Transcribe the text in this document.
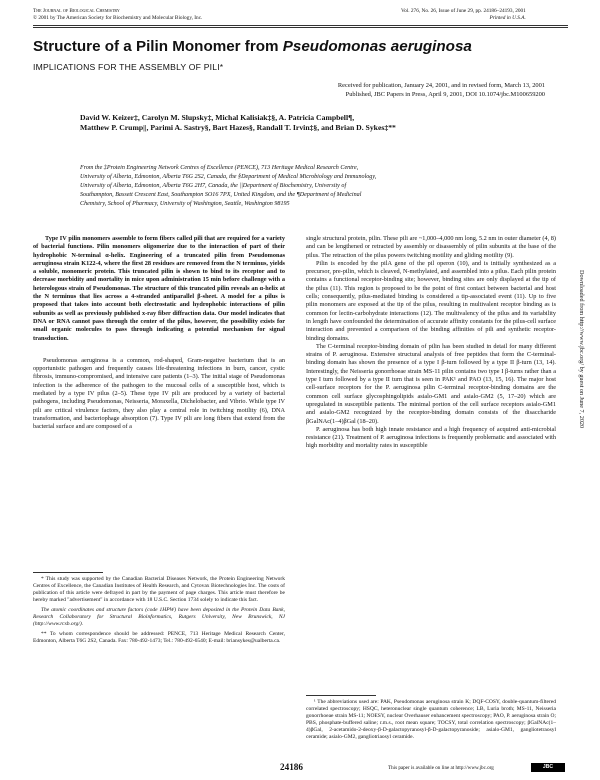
The Journal of Biological Chemistry
© 2001 by The American Society for Biochemistry and Molecular Biology, Inc.
Vol. 276, No. 26, Issue of June 29, pp. 24186–24193, 2001
Printed in U.S.A.
Structure of a Pilin Monomer from Pseudomonas aeruginosa
IMPLICATIONS FOR THE ASSEMBLY OF PILI*
Received for publication, January 24, 2001, and in revised form, March 13, 2001
Published, JBC Papers in Press, April 9, 2001, DOI 10.1074/jbc.M100659200
David W. Keizer‡, Carolyn M. Slupsky‡, Michal Kalisiak‡§, A. Patricia Campbell¶,
Matthew P. Crump||, Parimi A. Sastry§, Bart Hazes§, Randall T. Irvin‡§, and Brian D. Sykes‡**
From the ‡Protein Engineering Network Centres of Excellence (PENCE), 713 Heritage Medical Research Centre,
University of Alberta, Edmonton, Alberta T6G 2S2, Canada, the §Department of Medical Microbiology and Immunology,
University of Alberta, Edmonton, Alberta T6G 2H7, Canada, the ||Department of Biochemistry, University of
Southampton, Bassett Crescent East, Southampton SO16 7PX, United Kingdom, and the ¶Department of Medicinal
Chemistry, School of Pharmacy, University of Washington, Seattle, Washington 98195

Type IV pilin monomers assemble to form fibers called pili that are required for a variety of bacterial functions. Pilin monomers oligomerize due to the interaction of part of their hydrophobic N-terminal α-helix. Engineering of a truncated pilin from Pseudomonas aeruginosa strain K122-4, where the first 28 residues are removed from the N terminus, yields a soluble, monomeric protein. This truncated pilin is shown to bind to its receptor and to decrease morbidity and mortality in mice upon administration 15 min before challenge with a heterologous strain of Pseudomonas. The structure of this truncated pilin reveals an α-helix at the N terminus that lies across a 4-stranded antiparallel β-sheet. A model for a pilus is proposed that takes into account both electrostatic and hydrophobic interactions of pilin subunits as well as previously published x-ray fiber diffraction data. Our model indicates that DNA or RNA cannot pass through the center of the pilus, however, the possibility exists for small organic molecules to pass through indicating a potential mechanism for signal transduction.

Pseudomonas aeruginosa is a common, rod-shaped, Gram-negative bacterium that is an opportunistic pathogen and frequently causes life-threatening infections in burn, cancer, cystic fibrosis, immuno-compromised, and intensive care patients (1–3). The initial stage of Pseudomonas infection is the adherence of the pathogen to the mucosal cells of a susceptible host, which is mediated by a type IV pilus (2–5). These type IV pili are produced by a variety of bacterial pathogens, including Pseudomonas, Neisseria, Moraxella, Dichelobacter, and Vibrio. While type IV pili are critical virulence factors, they also play a central role in twitching motility (6), DNA transformation, and bacteriophage absorption (7). Type IV pili are long fibers that extend from the bacterial surface and are composed of a

single structural protein, pilin. These pili are ~1,000–4,000 nm long, 5.2 nm in outer diameter (4, 8) and can be lengthened or retracted by assembly or disassembly of pilin subunits at the base of the pilus. The retraction of the pilus powers twitching motility and gliding motility (9).

Pilin is encoded by the pilA gene of the pil operon (10), and is initially synthesized as a precursor, pre-pilin, which is cleaved, N-methylated, and assembled into a pilus. Each pilin protein contains a functional receptor-binding site; however, binding sites are only displayed at the tip of the pilus (11). This region is proposed to be the point of first contact between bacterial and host cells; consequently, pilus-mediated binding is considered a tip-associated event (11). Up to five pilin monomers are exposed at the tip of the pilus, resulting in multivalent receptor binding as is common for lectin-carbohydrate interactions (12). The multivalency of the pilus and its variability in length have confounded the determination of accurate affinity constants for the pilus-cell surface interaction and prevented a comparison of the binding affinities of pili and synthetic receptor-binding domains.

The C-terminal receptor-binding domain of pilin has been studied in detail for many different strains of P. aeruginosa. Extensive structural analysis of free peptides that form the C-terminal-binding domain has shown the presence of a type I β-turn followed by a type II β-turn (13, 14). Interestingly, the Neisseria gonorrhoeae strain MS-11 pilin contains two type I β-turns rather than a type I turn followed by a type II turn that is seen in PAK¹ and PAO (13, 15, 16). The major host cell-surface receptors for the P. aeruginosa pilin C-terminal receptor-binding domains are the common cell surface glycosphingolipids asialo-GM1 and asialo-GM2 (5, 17–20) which are upregulated in susceptible patients. The minimal portion of the cell surface receptors asialo-GM1 and asialo-GM2 recognized by the receptor-binding domain consists of the disaccharide βGalNAc(1–4)βGal (18–20).

P. aeruginosa has both high innate resistance and a high frequency of acquired anti-microbial resistance (21). Treatment of P. aeruginosa infections is frequently problematic and associated with high morbidity and mortality rates in susceptible

* This study was supported by the Canadian Bacterial Diseases Network, the Protein Engineering Network Centres of Excellence, the Canadian Institutes of Health Research, and Cytovax Biotechnologies Inc. The costs of publication of this article were defrayed in part by the payment of page charges. This article must therefore be hereby marked "advertisement" in accordance with 18 U.S.C. Section 1734 solely to indicate this fact.

The atomic coordinates and structure factors (code 1HPW) have been deposited in the Protein Data Bank, Research Collaboratory for Structural Bioinformatics, Rutgers University, New Brunswick, NJ (http://www.rcsb.org/).

** To whom correspondence should be addressed: PENCE, 713 Heritage Medical Research Center, Edmonton, Alberta T6G 2S2, Canada. Fax: 780-492-1473; Tel.: 780-492-6540; E-mail: briansykes@ualberta.ca.

¹ The abbreviations used are: PAK, Pseudomonas aeruginosa strain K; DQF-COSY, double-quantum-filtered correlated spectroscopy; HSQC, heteronuclear single quantum coherence; LB, Luria broth; MS-11, Neisseria gonorrhoeae strain MS-11; NOESY, nuclear Overhauser enhancement spectroscopy; PAO, P. aeruginosa strain O; PBS, phosphate-buffered saline; r.m.s., root mean square; TOCSY, total correlation spectroscopy; βGalNAc(1–4)βGal, 2-acetamido-2-deoxy-β-D-galactopyranosyl-β-D-galactopyranoside; asialo-GM1, gangliotetraosyl ceramide; asialo-GM2, gangliotriaosyl ceramide.

24186	This paper is available on line at http://www.jbc.org	JBC
Downloaded from http://www.jbc.org/ by guest on June 7, 2020
